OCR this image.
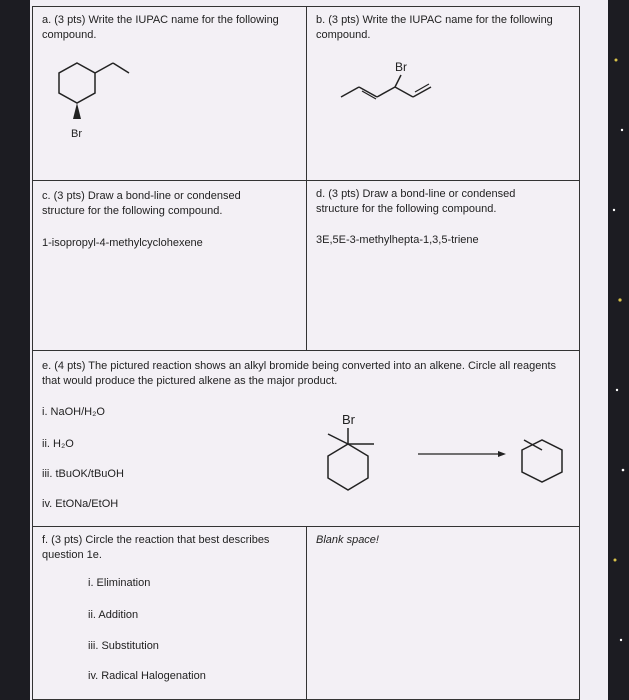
a. (3 pts) Write the IUPAC name for the following compound.
Br
b. (3 pts) Write the IUPAC name for the following compound.
Br
c. (3 pts) Draw a bond-line or condensed structure for the following compound.
1-isopropyl-4-methylcyclohexene
d. (3 pts) Draw a bond-line or condensed structure for the following compound.
3E,5E-3-methylhepta-1,3,5-triene
e. (4 pts) The pictured reaction shows an alkyl bromide being converted into an alkene. Circle all reagents that would produce the pictured alkene as the major product.
i. NaOH/H₂O
ii. H₂O
iii. tBuOK/tBuOH
iv. EtONa/EtOH
Br
f. (3 pts) Circle the reaction that best describes question 1e.
i. Elimination
ii. Addition
iii. Substitution
iv. Radical Halogenation
Blank space!
